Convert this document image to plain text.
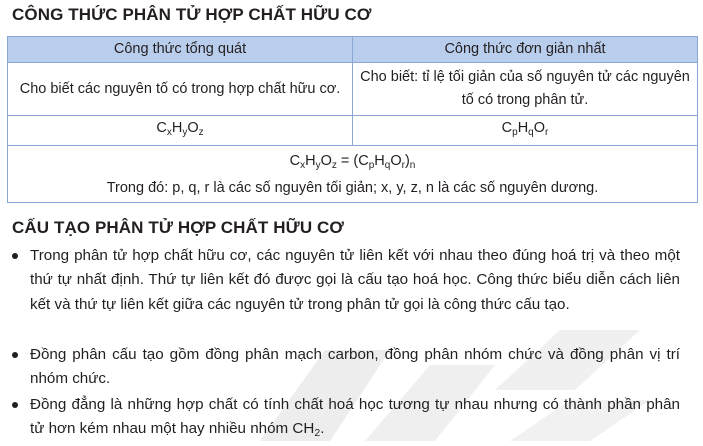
CÔNG THỨC PHÂN TỬ HỢP CHẤT HỮU CƠ
Công thức tổng quát	Công thức đơn giản nhất
Cho biết các nguyên tố có trong hợp chất hữu cơ.	Cho biết: tỉ lệ tối giản của số nguyên tử các nguyên tố có trong phân tử.
$C_xH_yO_z$	$C_pH_qO_r$

$C_xH_yO_z = (C_pH_qO_r)_n$
Trong đó: p, q, r là các số nguyên tối giản; x, y, z, n là các số nguyên dương.	
CẤU TẠO PHÂN TỬ HỢP CHẤT HỮU CƠ
Trong phân tử hợp chất hữu cơ, các nguyên tử liên kết với nhau theo đúng hoá trị và theo một thứ tự nhất định. Thứ tự liên kết đó được gọi là cấu tạo hoá học. Công thức biểu diễn cách liên kết và thứ tự liên kết giữa các nguyên tử trong phân tử gọi là công thức cấu tạo.
Đồng phân cấu tạo gồm đồng phân mạch carbon, đồng phân nhóm chức và đồng phân vị trí nhóm chức.
Đồng đẳng là những hợp chất có tính chất hoá học tương tự nhau nhưng có thành phần phân tử hơn kém nhau một hay nhiều nhóm $CH_2$.
